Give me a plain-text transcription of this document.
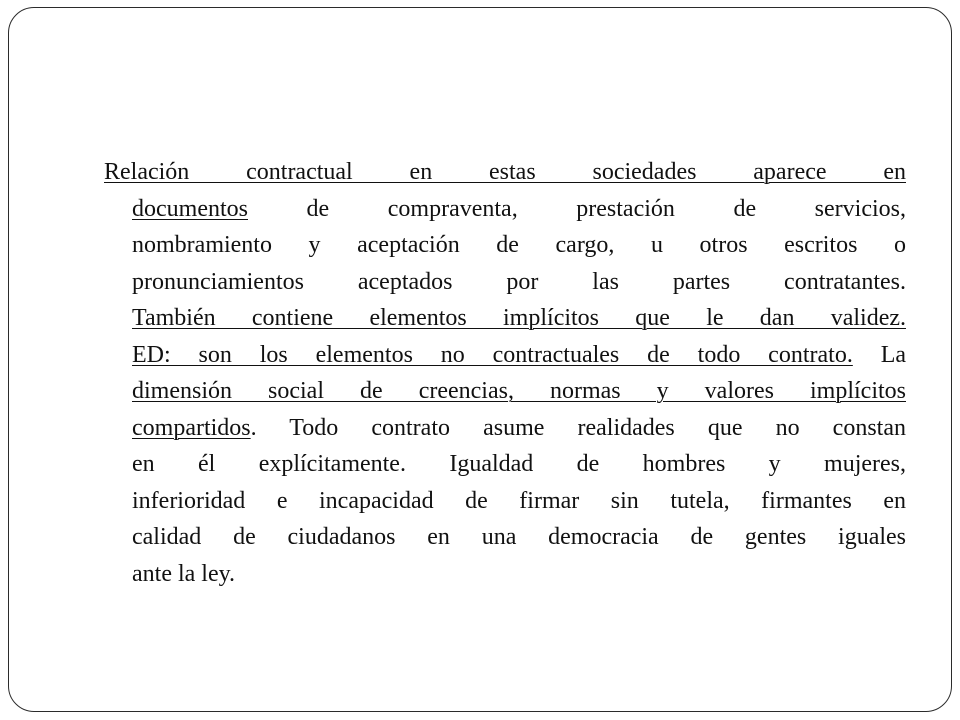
Relación contractual en estas sociedades aparece en
documentos de compraventa, prestación de servicios,
nombramiento y aceptación de cargo, u otros escritos o
pronunciamientos aceptados por las partes contratantes.
También contiene elementos implícitos que le dan validez.
ED: son los elementos no contractuales de todo contrato. La
dimensión social de creencias, normas y valores implícitos
compartidos. Todo contrato asume realidades que no constan
en él explícitamente. Igualdad de hombres y mujeres,
inferioridad e incapacidad de firmar sin tutela, firmantes en
calidad de ciudadanos en una democracia de gentes iguales
ante la ley.
